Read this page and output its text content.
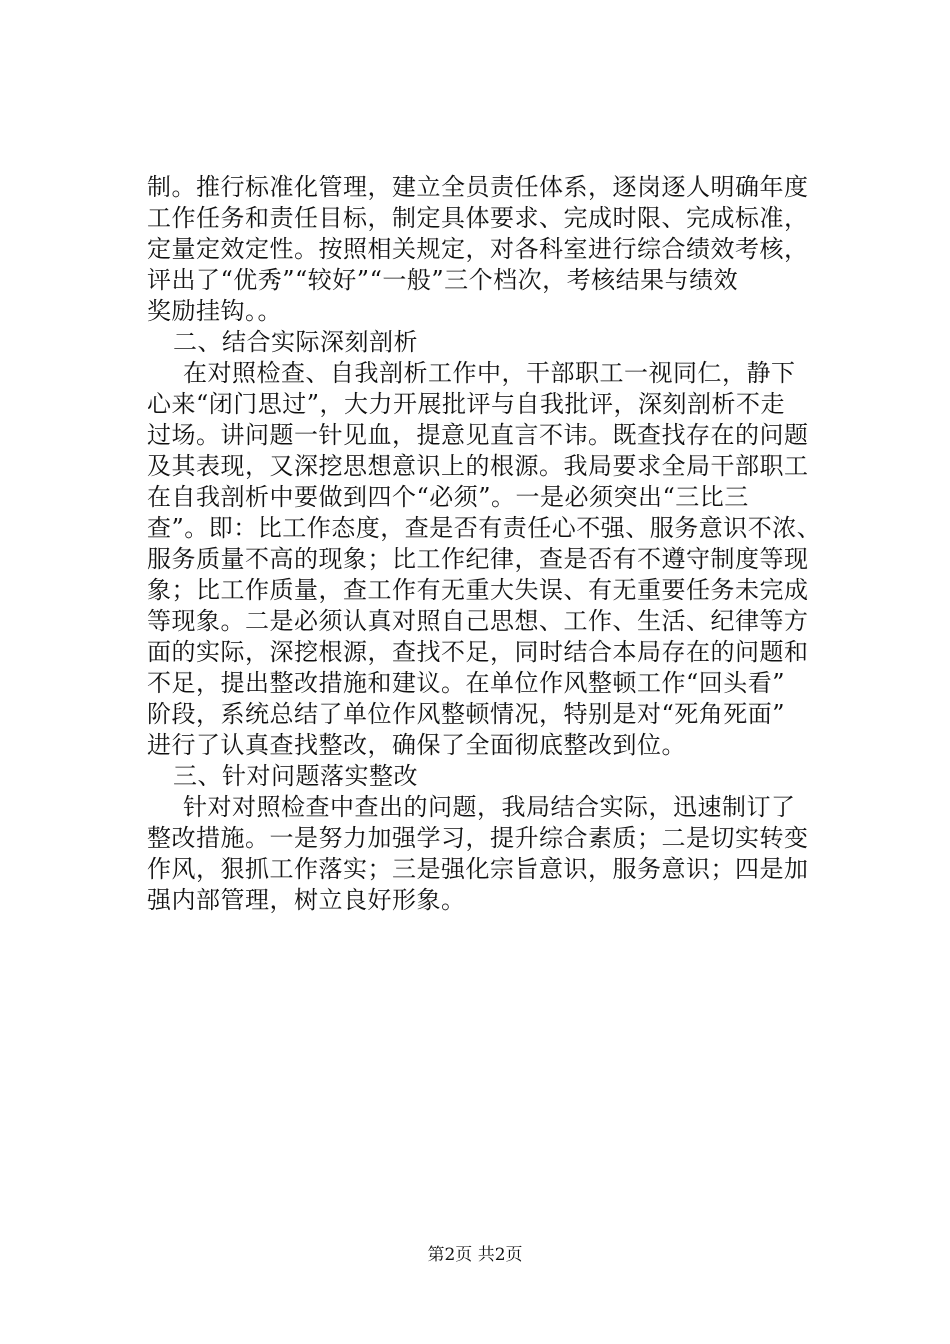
制。推行标准化管理，建立全员责任体系，逐岗逐人明确年度
工作任务和责任目标，制定具体要求、完成时限、完成标准，
定量定效定性。按照相关规定，对各科室进行综合绩效考核，
评出了“优秀”“较好”“一般”三个档次，考核结果与绩效
奖励挂钩。。
二、结合实际深刻剖析
在对照检查、自我剖析工作中，干部职工一视同仁，静下
心来“闭门思过”，大力开展批评与自我批评，深刻剖析不走
过场。讲问题一针见血，提意见直言不讳。既查找存在的问题
及其表现，又深挖思想意识上的根源。我局要求全局干部职工
在自我剖析中要做到四个“必须”。一是必须突出“三比三
查”。即：比工作态度，查是否有责任心不强、服务意识不浓、
服务质量不高的现象；比工作纪律，查是否有不遵守制度等现
象；比工作质量，查工作有无重大失误、有无重要任务未完成
等现象。二是必须认真对照自己思想、工作、生活、纪律等方
面的实际，深挖根源，查找不足，同时结合本局存在的问题和
不足，提出整改措施和建议。在单位作风整顿工作“回头看”
阶段，系统总结了单位作风整顿情况，特别是对“死角死面”
进行了认真查找整改，确保了全面彻底整改到位。
三、针对问题落实整改
针对对照检查中查出的问题，我局结合实际，迅速制订了
整改措施。一是努力加强学习，提升综合素质；二是切实转变
作风，狠抓工作落实；三是强化宗旨意识，服务意识；四是加
强内部管理，树立良好形象。
第2页 共2页
